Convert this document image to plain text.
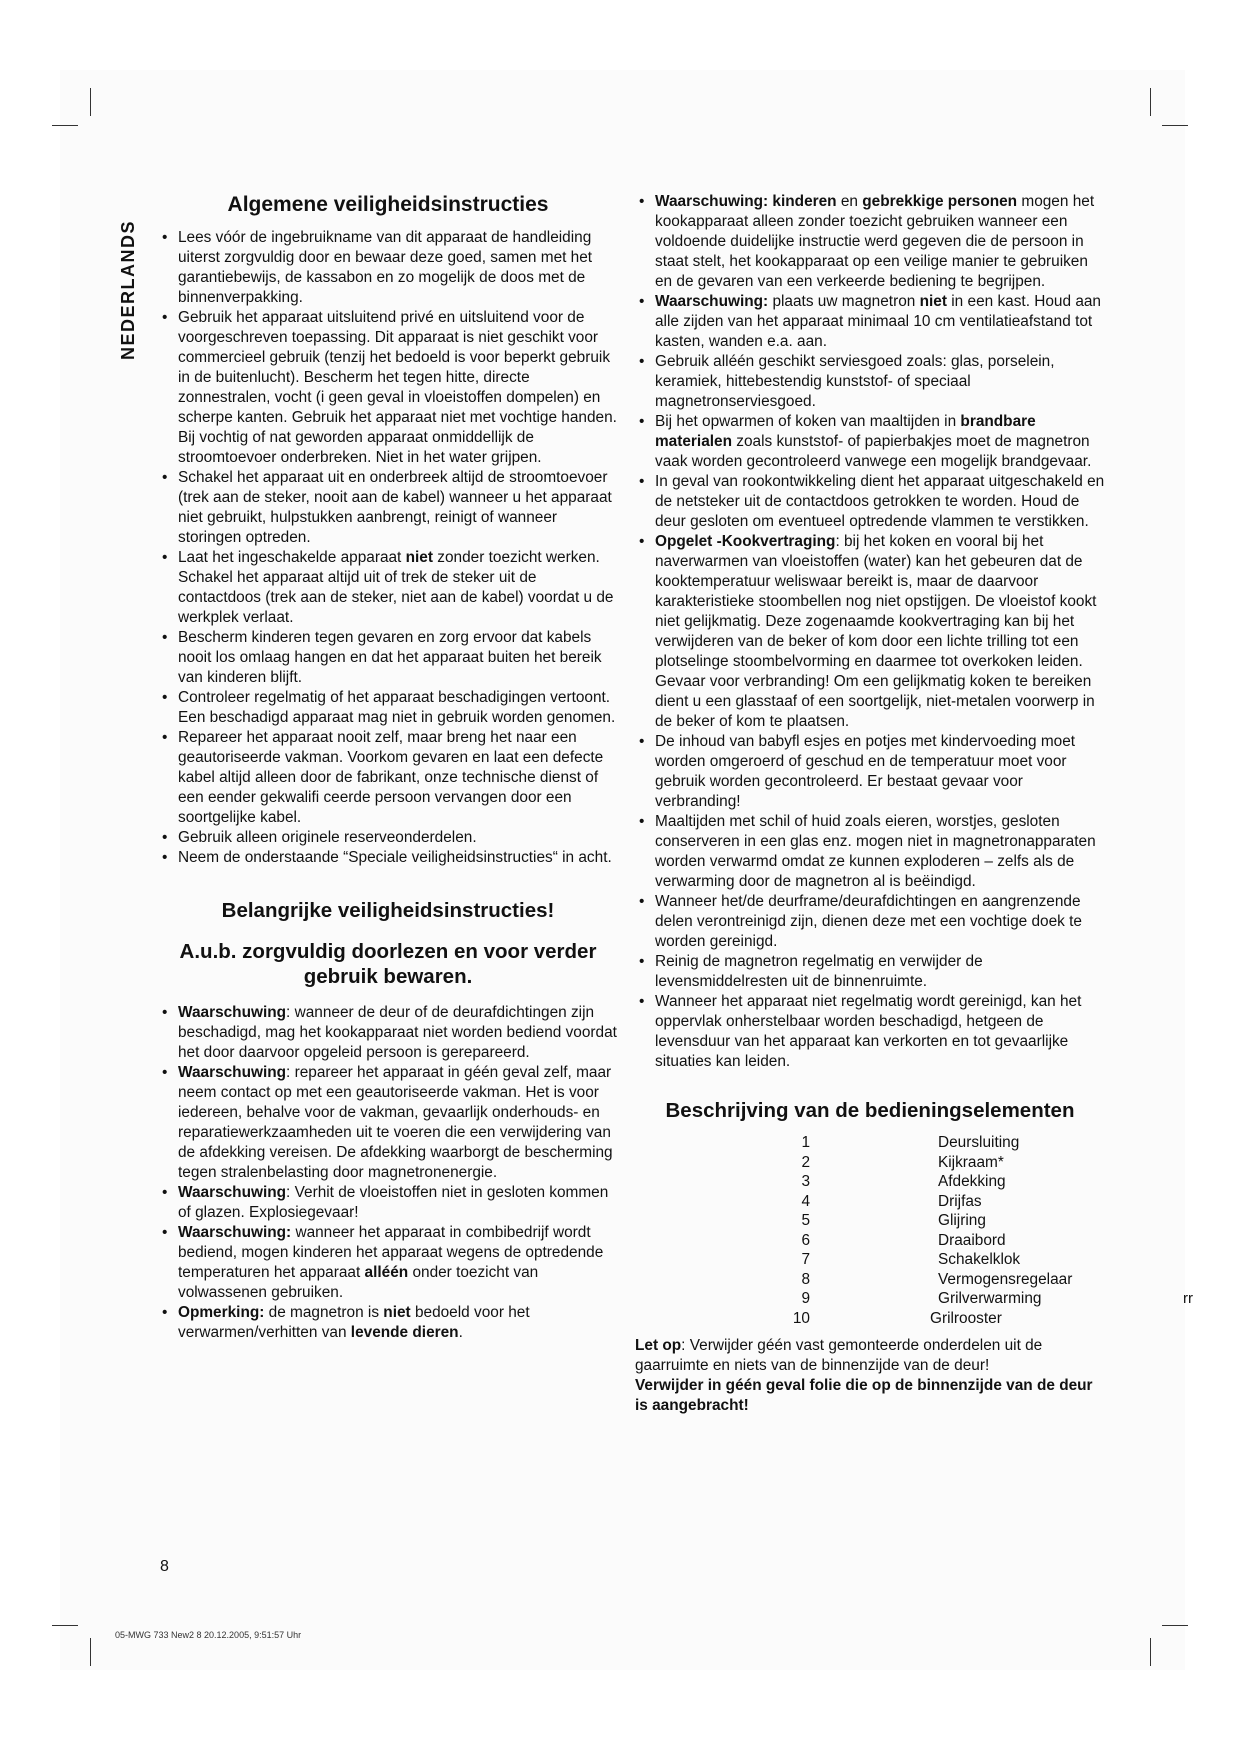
NEDERLANDS
Algemene veiligheidsinstructies
• Lees vóór de ingebruikname van dit apparaat de handleiding uiterst zorgvuldig door en bewaar deze goed, samen met het garantiebewijs, de kassabon en zo mogelijk de doos met de binnenverpakking.
• Gebruik het apparaat uitsluitend privé en uitsluitend voor de voorgeschreven toepassing. Dit apparaat is niet geschikt voor commercieel gebruik (tenzij het bedoeld is voor beperkt gebruik in de buitenlucht). Bescherm het tegen hitte, directe zonnestralen, vocht (i geen geval in vloeistoffen dompelen) en scherpe kanten. Gebruik het apparaat niet met vochtige handen. Bij vochtig of nat geworden apparaat onmiddellijk de stroomtoevoer onderbreken. Niet in het water grijpen.
• Schakel het apparaat uit en onderbreek altijd de stroomtoevoer (trek aan de steker, nooit aan de kabel) wanneer u het apparaat niet gebruikt, hulpstukken aanbrengt, reinigt of wanneer storingen optreden.
• Laat het ingeschakelde apparaat niet zonder toezicht werken. Schakel het apparaat altijd uit of trek de steker uit de contactdoos (trek aan de steker, niet aan de kabel) voordat u de werkplek verlaat.
• Bescherm kinderen tegen gevaren en zorg ervoor dat kabels nooit los omlaag hangen en dat het apparaat buiten het bereik van kinderen blijft.
• Controleer regelmatig of het apparaat beschadigingen vertoont. Een beschadigd apparaat mag niet in gebruik worden genomen.
• Repareer het apparaat nooit zelf, maar breng het naar een geautoriseerde vakman. Voorkom gevaren en laat een defecte kabel altijd alleen door de fabrikant, onze technische dienst of een eender gekwalifi ceerde persoon vervangen door een soortgelijke kabel.
• Gebruik alleen originele reserveonderdelen.
• Neem de onderstaande “Speciale veiligheidsinstructies“ in acht.
Belangrijke veiligheidsinstructies!
A.u.b. zorgvuldig doorlezen en voor verder gebruik bewaren.
• Waarschuwing: wanneer de deur of de deurafdichtingen zijn beschadigd, mag het kookapparaat niet worden bediend voordat het door daarvoor opgeleid persoon is gerepareerd.
• Waarschuwing: repareer het apparaat in géén geval zelf, maar neem contact op met een geautoriseerde vakman. Het is voor iedereen, behalve voor de vakman, gevaarlijk onderhouds- en reparatiewerkzaamheden uit te voeren die een verwijdering van de afdekking vereisen. De afdekking waarborgt de bescherming tegen stralenbelasting door magnetronenergie.
• Waarschuwing: Verhit de vloeistoffen niet in gesloten kommen of glazen. Explosiegevaar!
• Waarschuwing: wanneer het apparaat in combibedrijf wordt bediend, mogen kinderen het apparaat wegens de optredende temperaturen het apparaat alléén onder toezicht van volwassenen gebruiken.
• Opmerking: de magnetron is niet bedoeld voor het verwarmen/verhitten van levende dieren.
• Waarschuwing: kinderen en gebrekkige personen mogen het kookapparaat alleen zonder toezicht gebruiken wanneer een voldoende duidelijke instructie werd gegeven die de persoon in staat stelt, het kookapparaat op een veilige manier te gebruiken en de gevaren van een verkeerde bediening te begrijpen.
• Waarschuwing: plaats uw magnetron niet in een kast. Houd aan alle zijden van het apparaat minimaal 10 cm ventilatieafstand tot kasten, wanden e.a. aan.
• Gebruik alléén geschikt serviesgoed zoals: glas, porselein, keramiek, hittebestendig kunststof- of speciaal magnetronserviesgoed.
• Bij het opwarmen of koken van maaltijden in brandbare materialen zoals kunststof- of papierbakjes moet de magnetron vaak worden gecontroleerd vanwege een mogelijk brandgevaar.
• In geval van rookontwikkeling dient het apparaat uitgeschakeld en de netsteker uit de contactdoos getrokken te worden. Houd de deur gesloten om eventueel optredende vlammen te verstikken.
• Opgelet -Kookvertraging: bij het koken en vooral bij het naverwarmen van vloeistoffen (water) kan het gebeuren dat de kooktemperatuur weliswaar bereikt is, maar de daarvoor karakteristieke stoombellen nog niet opstijgen. De vloeistof kookt niet gelijkmatig. Deze zogenaamde kookvertraging kan bij het verwijderen van de beker of kom door een lichte trilling tot een plotselinge stoombelvorming en daarmee tot overkoken leiden. Gevaar voor verbranding! Om een gelijkmatig koken te bereiken dient u een glasstaaf of een soortgelijk, niet-metalen voorwerp in de beker of kom te plaatsen.
• De inhoud van babyfl esjes en potjes met kindervoeding moet worden omgeroerd of geschud en de temperatuur moet voor gebruik worden gecontroleerd. Er bestaat gevaar voor verbranding!
• Maaltijden met schil of huid zoals eieren, worstjes, gesloten conserveren in een glas enz. mogen niet in magnetronapparaten worden verwarmd omdat ze kunnen exploderen – zelfs als de verwarming door de magnetron al is beëindigd.
• Wanneer het/de deurframe/deurafdichtingen en aangrenzende delen verontreinigd zijn, dienen deze met een vochtige doek te worden gereinigd.
• Reinig de magnetron regelmatig en verwijder de levensmiddelresten uit de binnenruimte.
• Wanneer het apparaat niet regelmatig wordt gereinigd, kan het oppervlak onherstelbaar worden beschadigd, hetgeen de levensduur van het apparaat kan verkorten en tot gevaarlijke situaties kan leiden.
Beschrijving van de bedieningselementen
1	Deursluiting
2	Kijkraam*
3	Afdekking
4	Drijfas
5	Glijring
6	Draaibord
7	Schakelklok
8	Vermogensregelaar
9	Grilverwarming
10	Grilrooster
Let op: Verwijder géén vast gemonteerde onderdelen uit de gaarruimte en niets van de binnenzijde van de deur!
Verwijder in géén geval folie die op de binnenzijde van de deur is aangebracht!
8
05-MWG 733 New2 8 20.12.2005, 9:51:57 Uhr
rr
